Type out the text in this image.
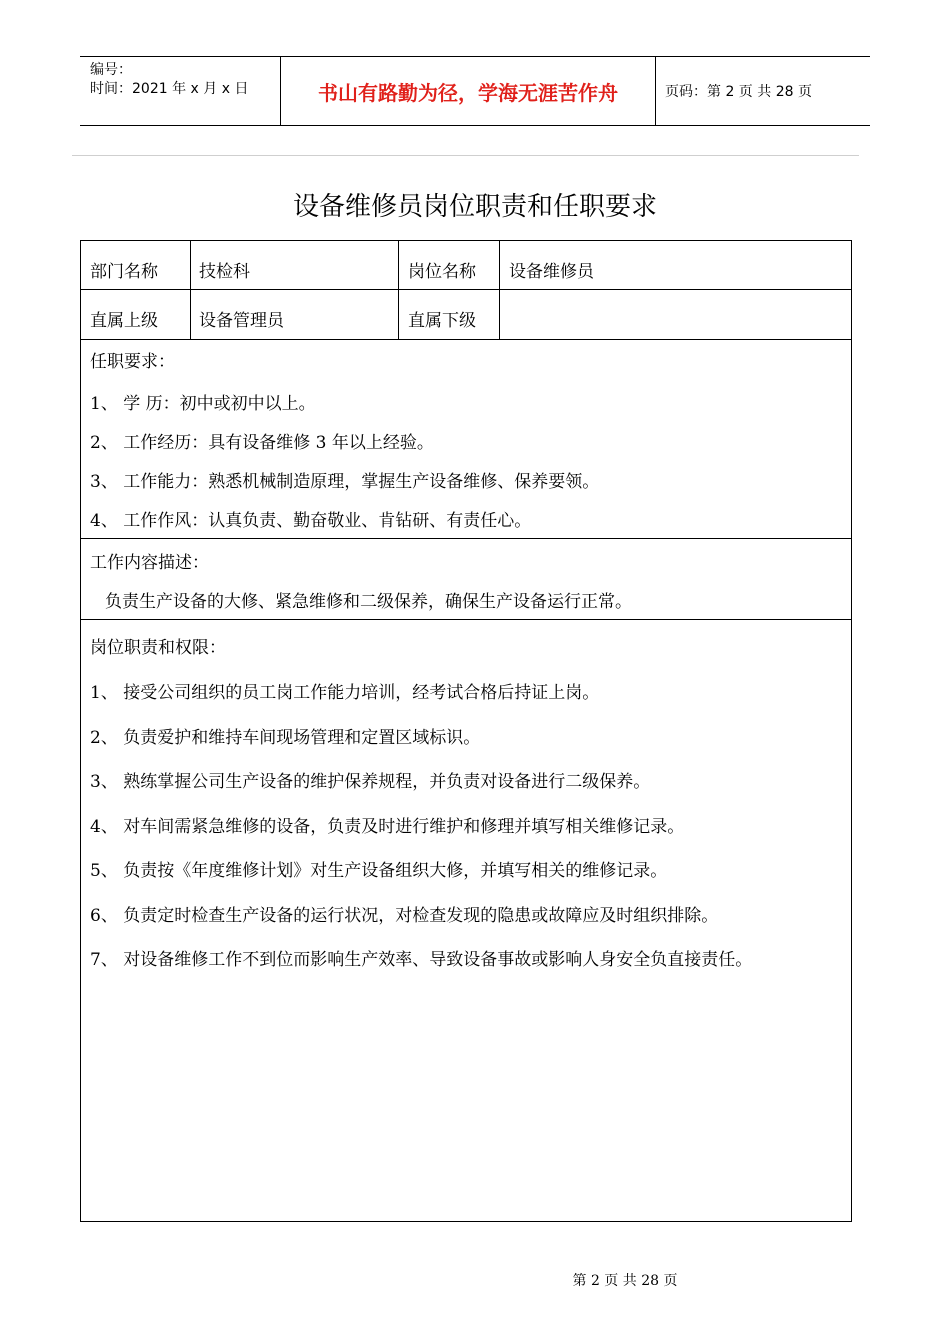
编号：
时间：2021 年 x 月 x 日	书山有路勤为径，学海无涯苦作舟	页码：第 2 页 共 28 页
设备维修员岗位职责和任职要求
部门名称 技检科	岗位名称 设备维修员
直属上级 设备管理员	直属下级
任职要求：
1、 学 历：初中或初中以上。
2、 工作经历：具有设备维修 3 年以上经验。
3、 工作能力：熟悉机械制造原理，掌握生产设备维修、保养要领。
4、 工作作风：认真负责、勤奋敬业、肯钻研、有责任心。
工作内容描述：
负责生产设备的大修、紧急维修和二级保养，确保生产设备运行正常。
岗位职责和权限：
1、 接受公司组织的员工岗工作能力培训，经考试合格后持证上岗。
2、 负责爱护和维持车间现场管理和定置区域标识。
3、 熟练掌握公司生产设备的维护保养规程，并负责对设备进行二级保养。
4、 对车间需紧急维修的设备，负责及时进行维护和修理并填写相关维修记录。
5、 负责按《年度维修计划》对生产设备组织大修，并填写相关的维修记录。
6、 负责定时检查生产设备的运行状况，对检查发现的隐患或故障应及时组织排除。
7、 对设备维修工作不到位而影响生产效率、导致设备事故或影响人身安全负直接责任。
第 2 页 共 28 页
